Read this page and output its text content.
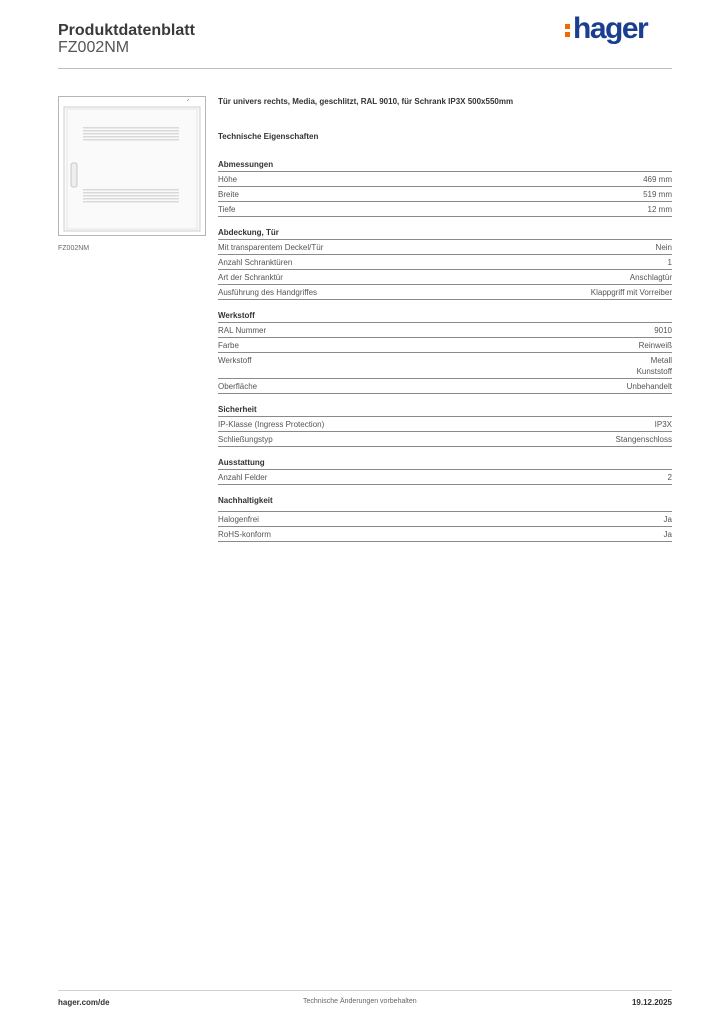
Produktdatenblatt
FZ002NM
hager
FZ002NM
Tür univers rechts, Media, geschlitzt, RAL 9010, für Schrank IP3X 500x550mm
Technische Eigenschaften
Abmessungen
Höhe	469 mm
Breite	519 mm
Tiefe	12 mm
Abdeckung, Tür
Mit transparentem Deckel/Tür	Nein
Anzahl Schranktüren	1
Art der Schranktür	Anschlagtür
Ausführung des Handgriffes	Klappgriff mit Vorreiber
Werkstoff
RAL Nummer	9010
Farbe	Reinweiß
Werkstoff	Metall
Kunststoff
Oberfläche	Unbehandelt
Sicherheit
IP-Klasse (Ingress Protection)	IP3X
Schließungstyp	Stangenschloss
Ausstattung
Anzahl Felder	2
Nachhaltigkeit
Halogenfrei	Ja
RoHS-konform	Ja
hager.com/de	Technische Änderungen vorbehalten	19.12.2025
